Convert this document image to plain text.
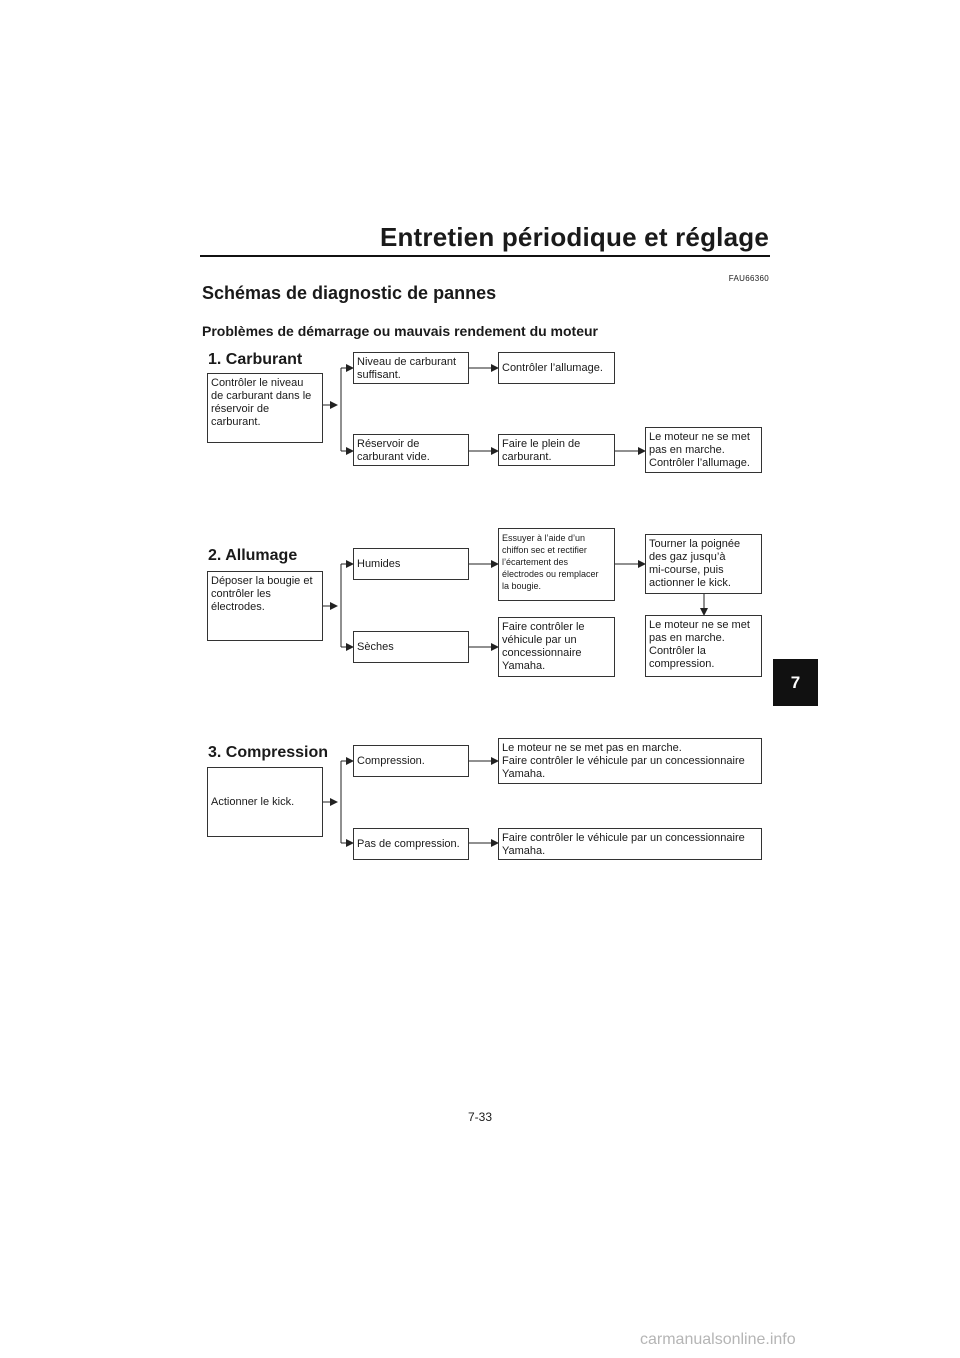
Entretien périodique et réglage
FAU66360
Schémas de diagnostic de pannes
Problèmes de démarrage ou mauvais rendement du moteur
1. Carburant
Contrôler le niveau
de carburant dans le
réservoir de
carburant.
Niveau de carburant
suffisant.
Contrôler l’allumage.
Réservoir de
carburant vide.
Faire le plein de
carburant.
Le moteur ne se met
pas en marche.
Contrôler l’allumage.
2. Allumage
Déposer la bougie et
contrôler les
électrodes.
Humides
Essuyer à l’aide d’un
chiffon sec et rectifier
l’écartement des
électrodes ou remplacer
la bougie.
Tourner la poignée
des gaz jusqu’à
mi-course, puis
actionner le kick.
Le moteur ne se met
pas en marche.
Contrôler la
compression.
Sèches
Faire contrôler le
véhicule par un
concessionnaire
Yamaha.
3. Compression
Actionner le kick.
Compression.
Le moteur ne se met pas en marche.
Faire contrôler le véhicule par un concessionnaire
Yamaha.
Pas de compression.	Faire contrôler le véhicule par un concessionnaire
Yamaha.
7
7-33
carmanualsonline.info
